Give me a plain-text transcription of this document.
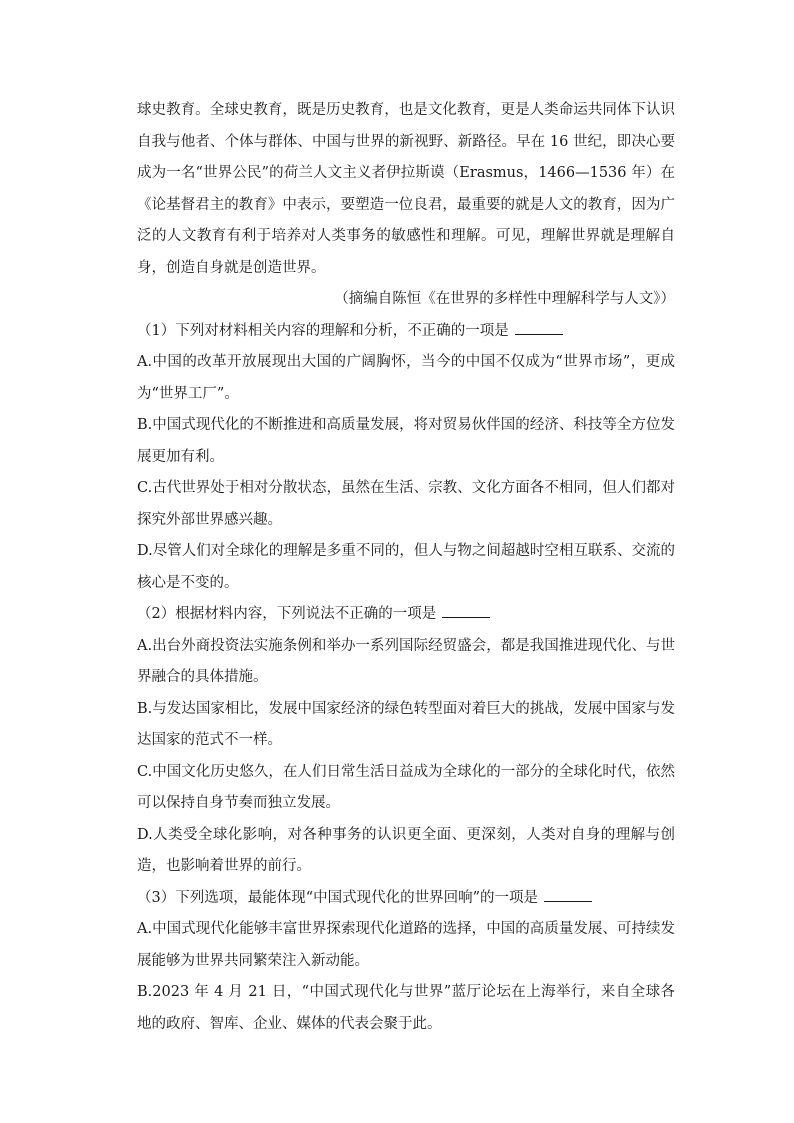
球史教育。全球史教育，既是历史教育，也是文化教育，更是人类命运共同体下认识自我与他者、个体与群体、中国与世界的新视野、新路径。早在 16 世纪，即决心要成为一名“世界公民”的荷兰人文主义者伊拉斯谟（Erasmus，1466—1536 年）在《论基督君主的教育》中表示，要塑造一位良君，最重要的就是人文的教育，因为广泛的人文教育有利于培养对人类事务的敏感性和理解。可见，理解世界就是理解自身，创造自身就是创造世界。

（摘编自陈恒《在世界的多样性中理解科学与人文》）

（1）下列对材料相关内容的理解和分析，不正确的一项是

A.中国的改革开放展现出大国的广阔胸怀，当今的中国不仅成为“世界市场”，更成为“世界工厂”。

B.中国式现代化的不断推进和高质量发展，将对贸易伙伴国的经济、科技等全方位发展更加有利。

C.古代世界处于相对分散状态，虽然在生活、宗教、文化方面各不相同，但人们都对探究外部世界感兴趣。

D.尽管人们对全球化的理解是多重不同的，但人与物之间超越时空相互联系、交流的核心是不变的。

（2）根据材料内容，下列说法不正确的一项是

A.出台外商投资法实施条例和举办一系列国际经贸盛会，都是我国推进现代化、与世界融合的具体措施。

B.与发达国家相比，发展中国家经济的绿色转型面对着巨大的挑战，发展中国家与发达国家的范式不一样。

C.中国文化历史悠久，在人们日常生活日益成为全球化的一部分的全球化时代，依然可以保持自身节奏而独立发展。

D.人类受全球化影响，对各种事务的认识更全面、更深刻，人类对自身的理解与创造，也影响着世界的前行。

（3）下列选项，最能体现“中国式现代化的世界回响”的一项是

A.中国式现代化能够丰富世界探索现代化道路的选择，中国的高质量发展、可持续发展能够为世界共同繁荣注入新动能。

B.2023 年 4 月 21 日，“中国式现代化与世界”蓝厅论坛在上海举行，来自全球各地的政府、智库、企业、媒体的代表会聚于此。
